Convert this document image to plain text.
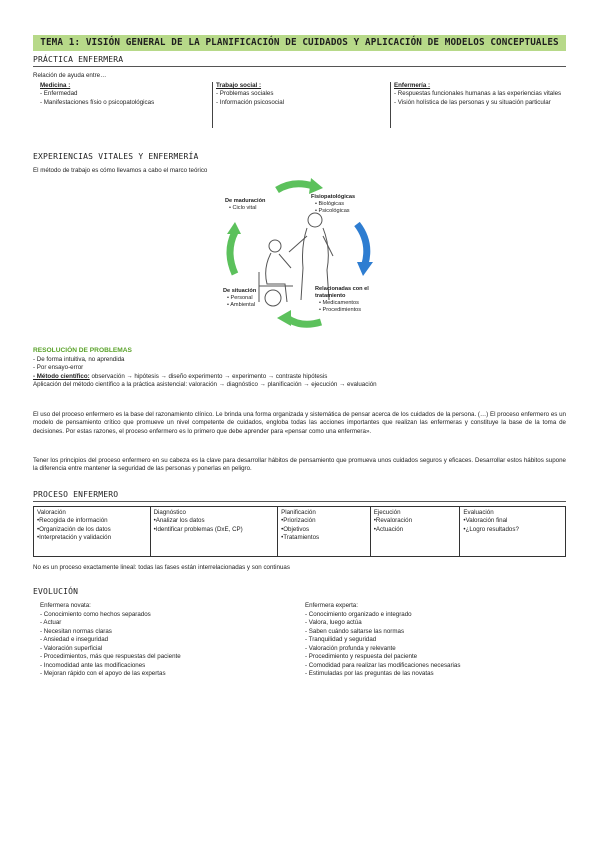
TEMA 1: VISIÓN GENERAL DE LA PLANIFICACIÓN DE CUIDADOS Y APLICACIÓN DE MODELOS CONCEPTUALES
PRÁCTICA ENFERMERA
Relación de ayuda entre…
Medicina :
- Enfermedad
- Manifestaciones físio o psicopatológicas
Trabajo social :
- Problemas sociales
- Información psicosocial
Enfermería :
- Respuestas funcionales humanas a las experiencias vitales
- Visión holística de las personas y su situación particular
EXPERIENCIAS VITALES Y ENFERMERÍA
El método de trabajo es cómo llevamos a cabo el marco teórico
Fisiopatológicas
• Biológicas
• Psicológicas
De maduración
• Ciclo vital
De situación
• Personal
• Ambiental
Relacionadas con el tratamiento
• Medicamentos
• Procedimientos
RESOLUCIÓN DE PROBLEMAS
- De forma intuitiva, no aprendida
- Por ensayo-error
- Método científico: observación → hipótesis → diseño experimento → experimento → contraste hipótesis
Aplicación del método científico a la práctica asistencial: valoración → diagnóstico → planificación → ejecución → evaluación
El uso del proceso enfermero es la base del razonamiento clínico. Le brinda una forma organizada y sistemática de pensar acerca de los cuidados de la persona. (…) El proceso enfermero es un modelo de pensamiento crítico que promueve un nivel competente de cuidados, engloba todas las acciones importantes que realizan las enfermeras y constituye la base de la toma de decisiones. Por estas razones, el proceso enfermero es lo primero que debe aprender para «pensar como una enfermera».
Tener los principios del proceso enfermero en su cabeza es la clave para desarrollar hábitos de pensamiento que promueva unos cuidados seguros y eficaces. Desarrollar estos hábitos supone la diferencia entre mantener la seguridad de las personas y ponerlas en peligro.
PROCESO ENFERMERO
Valoración
•Recogida de información
•Organización de los datos
•Interpretación y validación
Diagnóstico
•Analizar los datos
•Identificar problemas (DxE, CP)
Planificación
•Priorización
•Objetivos
•Tratamientos
Ejecución
•Revaloración
•Actuación
Evaluación
•Valoración final
•¿Logro resultados?
No es un proceso exactamente lineal: todas las fases están interrelacionadas y son continuas
EVOLUCIÓN
Enfermera novata:
- Conocimiento como hechos separados
- Actuar
- Necesitan normas claras
- Ansiedad e inseguridad
- Valoración superficial
- Procedimientos, más que respuestas del paciente
- Incomodidad ante las modificaciones
- Mejoran rápido con el apoyo de las expertas
Enfermera experta:
- Conocimiento organizado e integrado
- Valora, luego actúa
- Saben cuándo saltarse las normas
- Tranquilidad y seguridad
- Valoración profunda y relevante
- Procedimiento y respuesta del paciente
- Comodidad para realizar las modificaciones necesarias
- Estimuladas por las preguntas de las novatas
